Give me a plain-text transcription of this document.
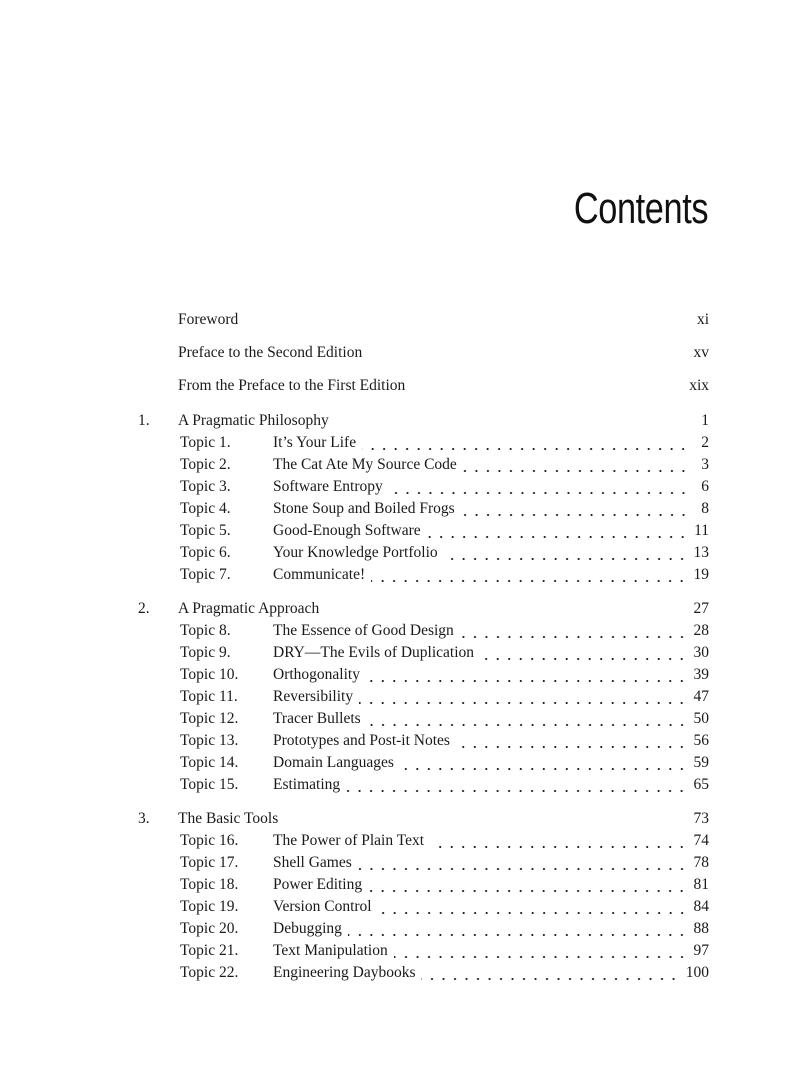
Contents
Foreword	xi
Preface to the Second Edition	xv
From the Preface to the First Edition	xix
1.	A Pragmatic Philosophy	1
Topic 1.	It’s Your Life	2
Topic 2.	The Cat Ate My Source Code	3
Topic 3.	Software Entropy	6
Topic 4.	Stone Soup and Boiled Frogs	8
Topic 5.	Good-Enough Software	11
Topic 6.	Your Knowledge Portfolio	13
Topic 7.	Communicate!	19
2.	A Pragmatic Approach	27
Topic 8.	The Essence of Good Design	28
Topic 9.	DRY—The Evils of Duplication	30
Topic 10.	Orthogonality	39
Topic 11.	Reversibility	47
Topic 12.	Tracer Bullets	50
Topic 13.	Prototypes and Post-it Notes	56
Topic 14.	Domain Languages	59
Topic 15.	Estimating	65
3.	The Basic Tools	73
Topic 16.	The Power of Plain Text	74
Topic 17.	Shell Games	78
Topic 18.	Power Editing	81
Topic 19.	Version Control	84
Topic 20.	Debugging	88
Topic 21.	Text Manipulation	97
Topic 22.	Engineering Daybooks	100
